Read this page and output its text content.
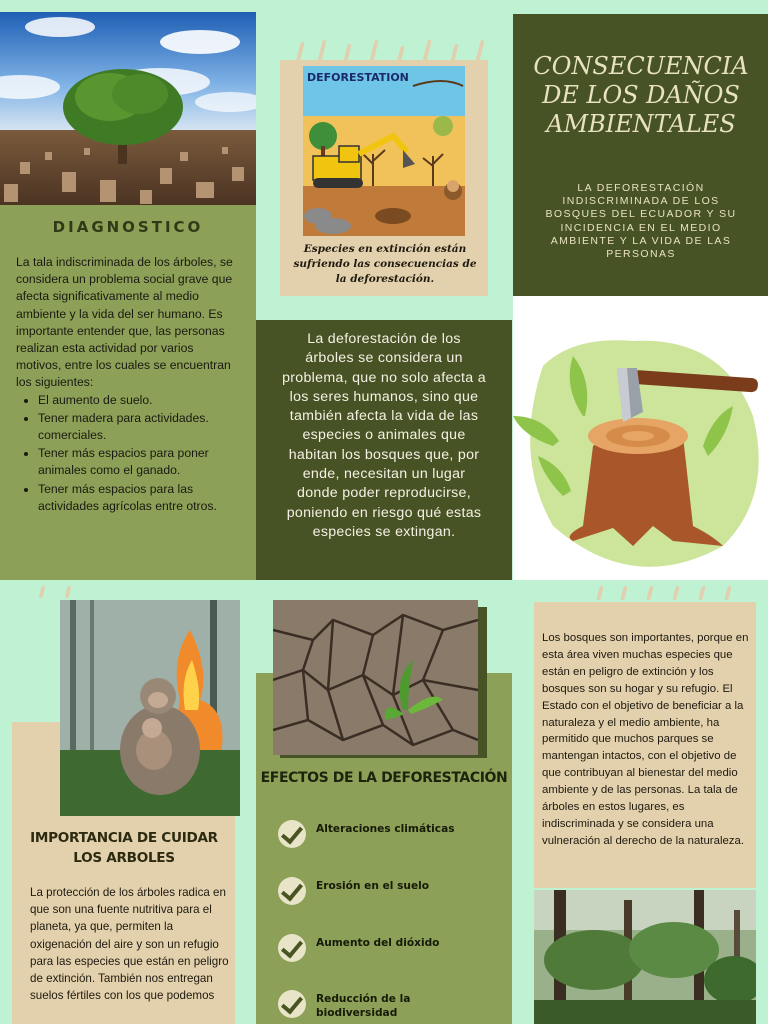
DIAGNOSTICO

La tala indiscriminada de los árboles, se considera un problema social grave que afecta significativamente al medio ambiente y la vida del ser humano. Es importante entender que, las personas realizan esta actividad por varios motivos, entre los cuales se encuentran los siguientes:

• El aumento de suelo.
• Tener madera para actividades. comerciales.
• Tener más espacios para poner animales como el ganado.
• Tener más espacios para las actividades agrícolas entre otros.
DEFORESTATION
Especies en extinción están sufriendo las consecuencias de la deforestación.

La deforestación de los árboles se considera un problema, que no solo afecta a los seres humanos, sino que también afecta la vida de las especies o animales que habitan los bosques que, por ende, necesitan un lugar donde poder reproducirse, poniendo en riesgo qué estas especies se extingan.

CONSECUENCIA DE LOS DAÑOS AMBIENTALES
LA DEFORESTACIÓN INDISCRIMINADA DE LOS BOSQUES DEL ECUADOR Y SU INCIDENCIA EN EL MEDIO AMBIENTE Y LA VIDA DE LAS PERSONAS
IMPORTANCIA DE CUIDAR LOS ARBOLES
La protección de los árboles radica en que son una fuente nutritiva para el planeta, ya que, permiten la oxigenación del aire y son un refugio para las especies que están en peligro de extinción. También nos entregan suelos fértiles con los que podemos
EFECTOS DE LA DEFORESTACIÓN
Alteraciones climáticas
Erosión en el suelo
Aumento del dióxido
Reducción de la biodiversidad
Los bosques son importantes, porque en esta área viven muchas especies que están en peligro de extinción y los bosques son su hogar y su refugio. El Estado con el objetivo de beneficiar a la naturaleza y el medio ambiente, ha permitido que muchos parques se mantengan intactos, con el objetivo de que contribuyan al bienestar del medio ambiente y de las personas. La tala de árboles en estos lugares, es indiscriminada y se considera una vulneración al derecho de la naturaleza.
